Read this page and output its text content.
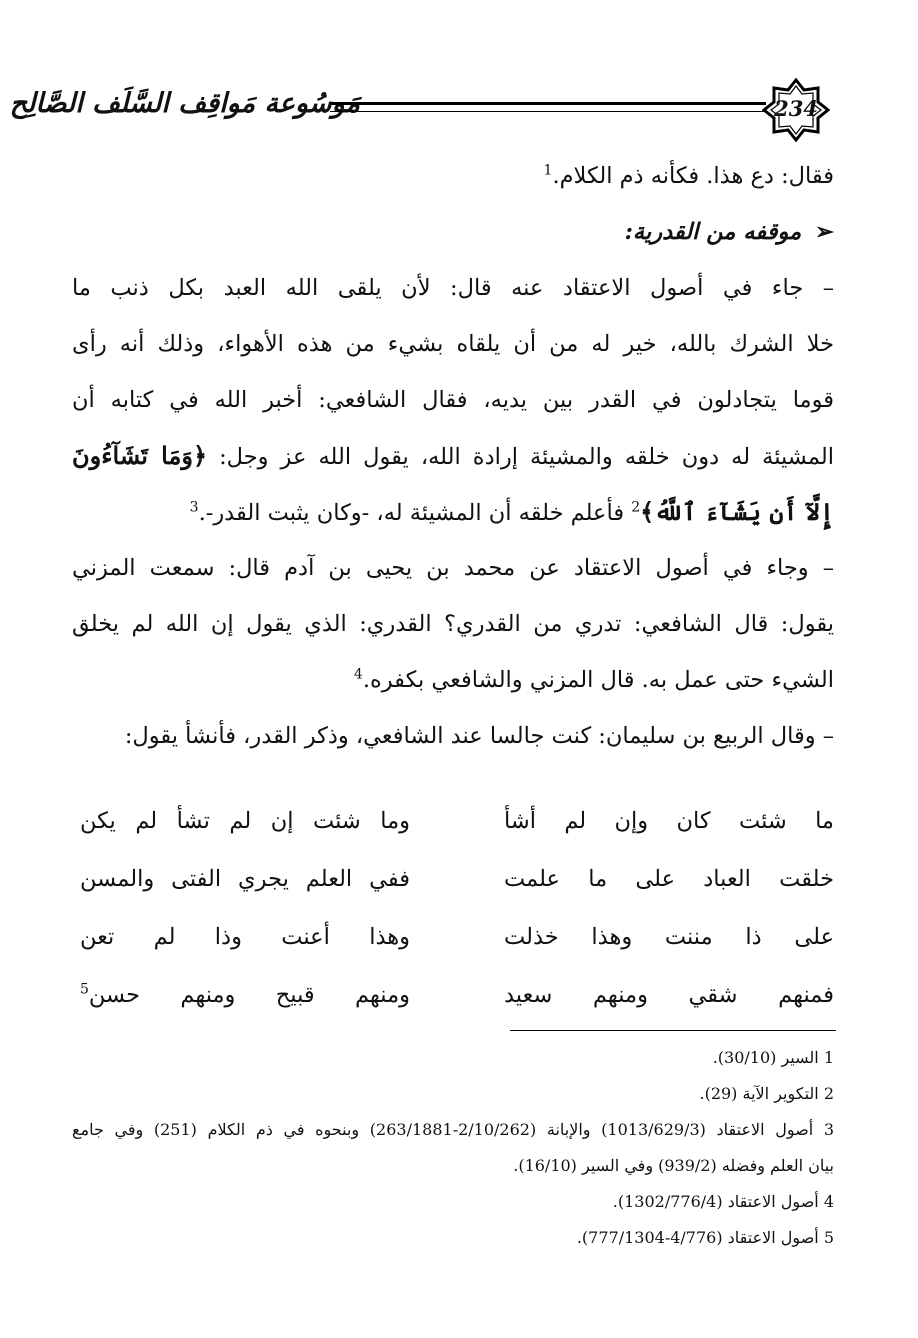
مَوسُوعة مَواقِف السَّلَف الصَّالِح	234
فقال: دع هذا. فكأنه ذم الكلام.$^1$
➢موقفه من القدرية:
– جاء في أصول الاعتقاد عنه قال: لأن يلقى الله العبد بكل ذنب ما
خلا الشرك بالله، خير له من أن يلقاه بشيء من هذه الأهواء، وذلك أنه رأى
قوما يتجادلون في القدر بين يديه، فقال الشافعي: أخبر الله في كتابه أن
المشيئة له دون خلقه والمشيئة إرادة الله، يقول الله عز وجل: ﴿وَمَا تَشَآءُونَ
إِلَّآ أَن يَشَآءَ ٱللَّهُ﴾$^2$ فأعلم خلقه أن المشيئة له، -وكان يثبت القدر-.$^3$
– وجاء في أصول الاعتقاد عن محمد بن يحيى بن آدم قال: سمعت المزني
يقول: قال الشافعي: تدري من القدري؟ القدري: الذي يقول إن الله لم يخلق
الشيء حتى عمل به. قال المزني والشافعي بكفره.$^4$
– وقال الربيع بن سليمان: كنت جالسا عند الشافعي، وذكر القدر، فأنشأ يقول:
ما شئت كان وإن لم أشأ
وما شئت إن لم تشأ لم يكن
خلقت العباد على ما علمت
ففي العلم يجري الفتى والمسن
على ذا مننت وهذا خذلت
وهذا أعنت وذا لم تعن
فمنهم شقي ومنهم سعيد
ومنهم قبيح ومنهم حسن$^5$
1 السير (30/10).
2 التكوير الآية (29).
3 أصول الاعتقاد (1013/629/3) والإبانة (2/10/262-263/1881) وبنحوه في ذم الكلام (251) وفي جامع
بيان العلم وفضله (939/2) وفي السير (16/10).
4 أصول الاعتقاد (1302/776/4).
5 أصول الاعتقاد (4/776-777/1304).
